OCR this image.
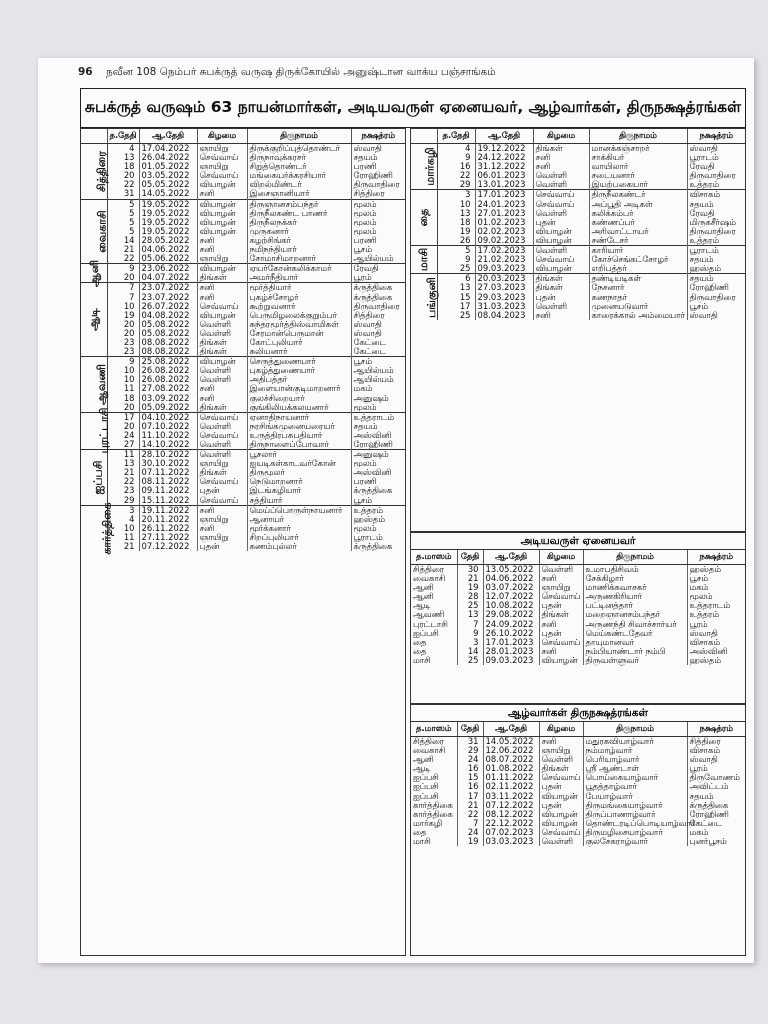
96 நவீன 108 நெம்பர் சுபக்ருத் வருஷ திருக்கோயில் அனுஷ்டான வாக்ய பஞ்சாங்கம்
சுபக்ருத் வருஷம் 63 நாயன்மார்கள், அடியவருள் ஏனையவர், ஆழ்வார்கள், திருநக்ஷத்ரங்கள்
	த.தேதி	ஆ.தேதி	கிழமை	திருநாமம்	நக்ஷத்ரம்
சித்திரை	4	17.04.2022	ஞாயிறு	திருக்குறிப்புத்தொண்டர்	ஸ்வாதி
	13	26.04.2022	செவ்வாய்	திருநாவுக்கரசர்	சதயம்
	18	01.05.2022	ஞாயிறு	சிறுத்தொண்டர்	பரணி
	20	03.05.2022	செவ்வாய்	மங்கையர்க்கரசியார்	ரோஹிணி
	22	05.05.2022	வியாழன்	விறல்மிண்டர்	திருவாதிரை
	31	14.05.2022	சனி	இசைஞானியார்	சித்திரை
வைகாசி	5	19.05.2022	வியாழன்	திருஞானசம்பந்தர்	மூலம்
	5	19.05.2022	வியாழன்	திருநீலகண்ட பாணர்	மூலம்
	5	19.05.2022	வியாழன்	திருநீலநக்கர்	மூலம்
	5	19.05.2022	வியாழன்	முருகனார்	மூலம்
	14	28.05.2022	சனி	கழற்சிங்கர்	பரணி
	21	04.06.2022	சனி	நமிநந்தியார்	பூசம்
	22	05.06.2022	ஞாயிறு	சோமாசிமாறனார்	ஆயில்யம்
ஆனி	9	23.06.2022	வியாழன்	ஏயர்கோன்கலிக்காமர்	ரேவதி
	20	04.07.2022	திங்கள்	அமர்நீதியார்	பூரம்
ஆடி	7	23.07.2022	சனி	மூர்த்தியார்	க்ருத்திகை
	7	23.07.2022	சனி	புகழ்ச்சோழர்	க்ருத்திகை
	10	26.07.2022	செவ்வாய்	கூற்றுவனார்	திருவாதிரை
	19	04.08.2022	வியாழன்	பெருமிழலைக்குறும்பர்	சித்திரை
	20	05.08.2022	வெள்ளி	சுந்தரமூர்த்திஸ்வாமிகள்	ஸ்வாதி
	20	05.08.2022	வெள்ளி	சேரமான்பெருமான்	ஸ்வாதி
	23	08.08.2022	திங்கள்	கோட்புலியார்	கேட்டை
	23	08.08.2022	திங்கள்	சுலியனார்	கேட்டை
ஆவணி	9	25.08.2022	வியாழன்	செருத்துணையார்	பூசம்
	10	26.08.2022	வெள்ளி	புகழ்த்துணையார்	ஆயில்யம்
	10	26.08.2022	வெள்ளி	அதிபத்தர்	ஆயில்யம்
	11	27.08.2022	சனி	இளையான்குடிமாறனார்	மகம்
	18	03.09.2022	சனி	குலச்சிறையார்	அனுஷம்
	20	05.09.2022	திங்கள்	குங்கிலியக்கலயனார்	மூலம்
புரட்டாசி	17	04.10.2022	செவ்வாய்	ஏனாதிநாயனார்	உத்தராடம்
	20	07.10.2022	வெள்ளி	நரசிங்கமுனையரையர்	சதயம்
	24	11.10.2022	செவ்வாய்	உருத்திரபசுபதியார்	அஸ்வினி
	27	14.10.2022	வெள்ளி	திருநாளைப்போவார்	ரோஹிணி
ஐப்பசி	11	28.10.2022	வெள்ளி	பூசலார்	அனுஷம்
	13	30.10.2022	ஞாயிறு	ஐயடிகள்காடவர்கோன்	மூலம்
	21	07.11.2022	திங்கள்	திருமூலர்	அஸ்வினி
	22	08.11.2022	செவ்வாய்	நெடுமாறனார்	பரணி
	23	09.11.2022	புதன்	இடங்கழியார்	க்ருத்திகை
	29	15.11.2022	செவ்வாய்	சத்தியார்	பூசம்
கார்த்திகை	3	19.11.2022	சனி	மெய்ப்பொருள்நாயனார்	உத்தரம்
	4	20.11.2022	ஞாயிறு	ஆனாயர்	ஹஸ்தம்
	10	26.11.2022	சனி	மூர்க்கனார்	மூலம்
	11	27.11.2022	ஞாயிறு	சிறப்புலியார்	பூராடம்
	21	07.12.2022	புதன்	கணம்புல்லர்	க்ருத்திகை
	த.தேதி	ஆ.தேதி	கிழமை	திருநாமம்	நக்ஷத்ரம்
மார்கழி	4	19.12.2022	திங்கள்	மானக்கஞ்சாறர்	ஸ்வாதி
	9	24.12.2022	சனி	சாக்கியர்	பூராடம்
	16	31.12.2022	சனி	வாயிலார்	ரேவதி
	22	06.01.2023	வெள்ளி	சடையனார்	திருவாதிரை
	29	13.01.2023	வெள்ளி	இயற்பகையார்	உத்தரம்
தை	3	17.01.2023	செவ்வாய்	திருநீலகண்டர்	விசாகம்
	10	24.01.2023	செவ்வாய்	அப்பூதி அடிகள்	சதயம்
	13	27.01.2023	வெள்ளி	கலிக்கம்பர்	ரேவதி
	18	01.02.2023	புதன்	கண்ணப்பர்	மிருகசீர்ஷம்
	19	02.02.2023	வியாழன்	அரிவாட்டாயர்	திருவாதிரை
	26	09.02.2023	வியாழன்	சண்டேசர்	உத்தரம்
மாசி	5	17.02.2023	வெள்ளி	காரியார்	பூராடம்
	9	21.02.2023	செவ்வாய்	கோச்செங்கட்சோழர்	சதயம்
	25	09.03.2023	வியாழன்	எறிபத்தர்	ஹஸ்தம்
பங்குனி	6	20.03.2023	திங்கள்	தண்டியடிகள்	சதயம்
	13	27.03.2023	திங்கள்	நேசனார்	ரோஹிணி
	15	29.03.2023	புதன்	கணநாதர்	திருவாதிரை
	17	31.03.2023	வெள்ளி	முனையடுவார்	பூசம்
	25	08.04.2023	சனி	காரைக்கால் அம்மையார்	ஸ்வாதி
அடியவருள் ஏனையவர்
த.மாஸம்	தேதி	ஆ.தேதி	கிழமை	திருநாமம்	நக்ஷத்ரம்
சித்திரை	30	13.05.2022	வெள்ளி	உமாபதிசிவம்	ஹஸ்தம்
வைகாசி	21	04.06.2022	சனி	சேக்கிழார்	பூசம்
ஆனி	19	03.07.2022	ஞாயிறு	மாணிக்கவாசகர்	மகம்
ஆனி	28	12.07.2022	செவ்வாய்	அருணகிரியார்	மூலம்
ஆடி	25	10.08.2022	புதன்	பட்டினத்தார்	உத்தராடம்
ஆவணி	13	29.08.2022	திங்கள்	மறைஞானசம்பந்தர்	உத்தரம்
புரட்டாசி	7	24.09.2022	சனி	அருணந்தி சிவாச்சார்யர்	பூரம்
ஐப்பசி	9	26.10.2022	புதன்	மெய்கண்டதேவர்	ஸ்வாதி
தை	3	17.01.2023	செவ்வாய்	தாயுமானவர்	விசாகம்
தை	14	28.01.2023	சனி	நம்பியாண்டார் நம்பி	அஸ்வினி
மாசி	25	09.03.2023	வியாழன்	திருவள்ளுவர்	ஹஸ்தம்
ஆழ்வார்கள் திருநக்ஷத்ரங்கள்
த.மாஸம்	தேதி	ஆ.தேதி	கிழமை	திருநாமம்	நக்ஷத்ரம்
சித்திரை	31	14.05.2022	சனி	மதுரகவியாழ்வார்	சித்திரை
வைகாசி	29	12.06.2022	ஞாயிறு	நம்மாழ்வார்	விசாகம்
ஆனி	24	08.07.2022	வெள்ளி	பெரியாழ்வார்	ஸ்வாதி
ஆடி	16	01.08.2022	திங்கள்	ஸ்ரீ ஆண்டாள்	பூரம்
ஐப்பசி	15	01.11.2022	செவ்வாய்	பொய்கையாழ்வார்	திருவோணம்
ஐப்பசி	16	02.11.2022	புதன்	பூதத்தாழ்வார்	அவிட்டம்
ஐப்பசி	17	03.11.2022	வியாழன்	பேயாழ்வார்	சதயம்
கார்த்திகை	21	07.12.2022	புதன்	திருமங்கையாழ்வார்	க்ருத்திகை
கார்த்திகை	22	08.12.2022	வியாழன்	திருப்பாணாழ்வார்	ரோஹிணி
மார்கழி	7	22.12.2022	வியாழன்	தொண்டரடிப்பொடியாழ்வார்	கேட்டை
தை	24	07.02.2023	செவ்வாய்	திருமழிசையாழ்வார்	மகம்
மாசி	19	03.03.2023	வெள்ளி	குலசேகராழ்வார்	புனர்பூசம்
